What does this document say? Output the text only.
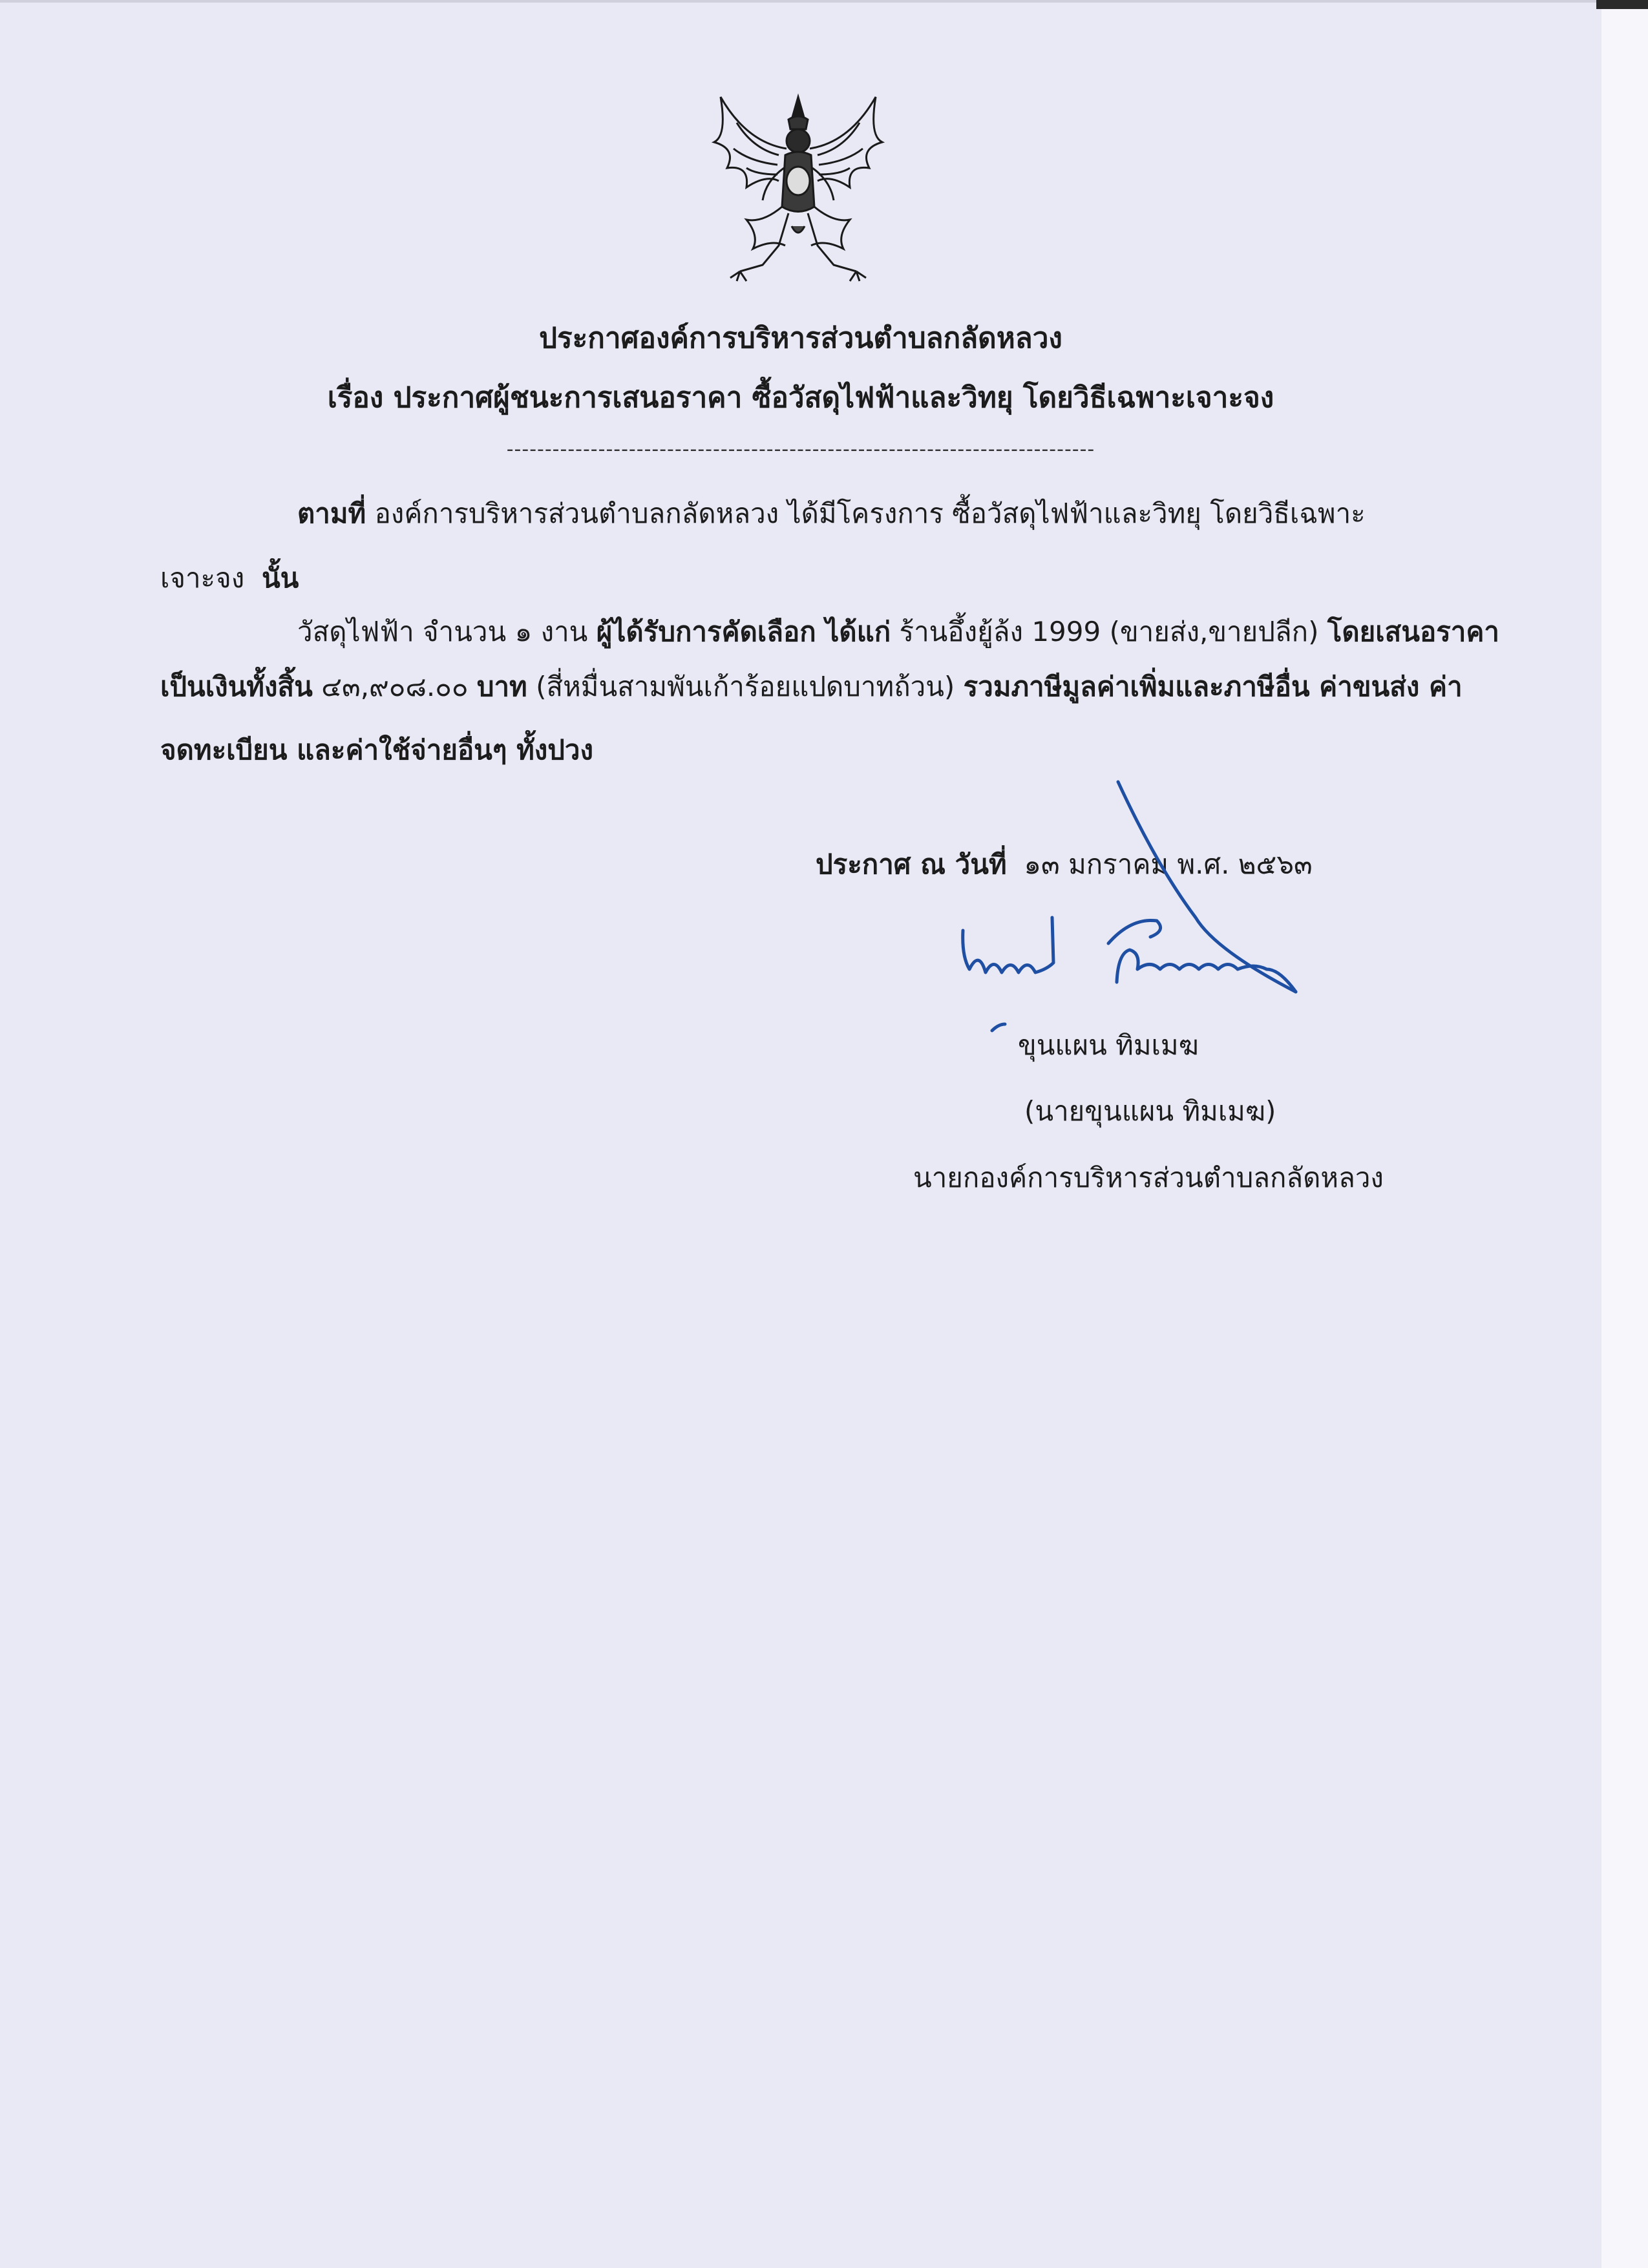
ประกาศองค์การบริหารส่วนตำบลกลัดหลวง
เรื่อง ประกาศผู้ชนะการเสนอราคา ซื้อวัสดุไฟฟ้าและวิทยุ โดยวิธีเฉพาะเจาะจง
-----------------------------------------------------------------------------
ตามที่ องค์การบริหารส่วนตำบลกลัดหลวง ได้มีโครงการ ซื้อวัสดุไฟฟ้าและวิทยุ โดยวิธีเฉพาะ
เจาะจง นั้น
วัสดุไฟฟ้า จำนวน ๑ งาน ผู้ได้รับการคัดเลือก ได้แก่ ร้านอึ้งยู้ล้ง 1999 (ขายส่ง,ขายปลีก) โดยเสนอราคา
เป็นเงินทั้งสิ้น ๔๓,๙๐๘.๐๐ บาท (สี่หมื่นสามพันเก้าร้อยแปดบาทถ้วน) รวมภาษีมูลค่าเพิ่มและภาษีอื่น ค่าขนส่ง ค่า
จดทะเบียน และค่าใช้จ่ายอื่นๆ ทั้งปวง
ประกาศ ณ วันที่ ๑๓ มกราคม พ.ศ. ๒๕๖๓
ขุนแผน ทิมเมฆ
(นายขุนแผน ทิมเมฆ)
นายกองค์การบริหารส่วนตำบลกลัดหลวง
